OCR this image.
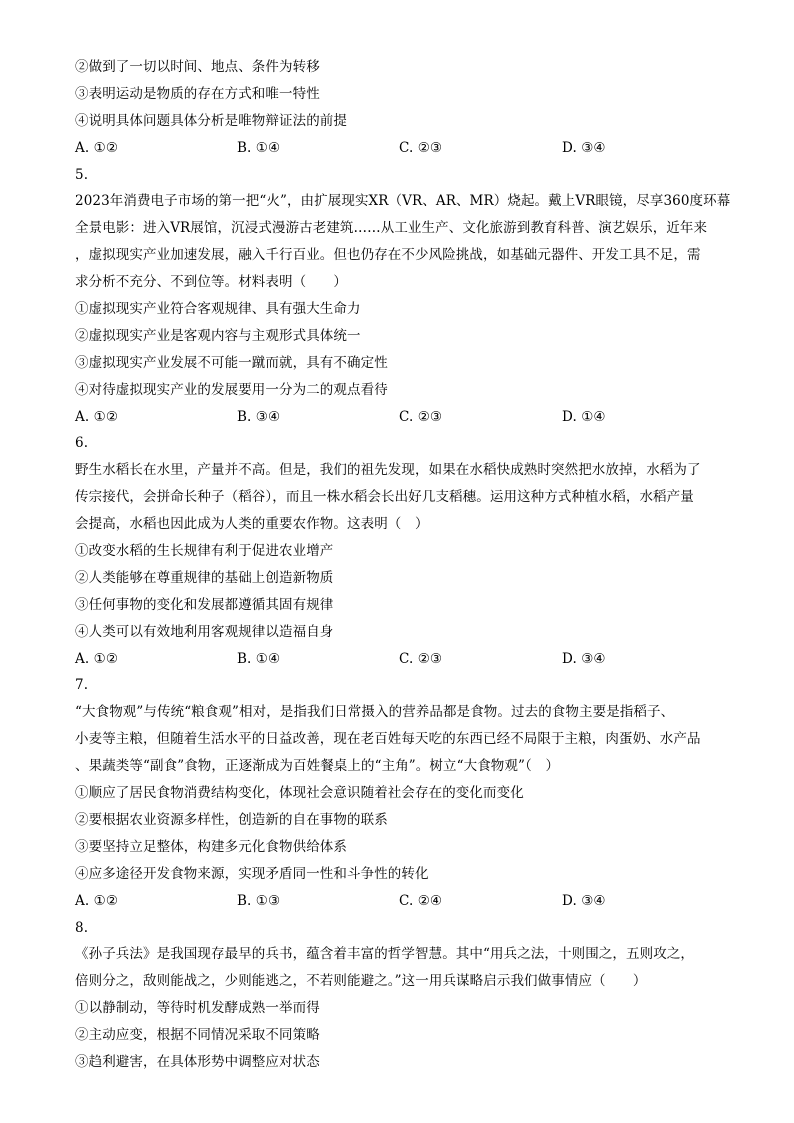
②做到了一切以时间、地点、条件为转移
③表明运动是物质的存在方式和唯一特性
④说明具体问题具体分析是唯物辩证法的前提
A. ①②	B. ①④	C. ②③	D. ③④
5.
2023年消费电子市场的第一把“火”，由扩展现实XR（VR、AR、MR）烧起。戴上VR眼镜，尽享360度环幕
全景电影：进入VR展馆，沉浸式漫游古老建筑……从工业生产、文化旅游到教育科普、演艺娱乐，近年来
，虚拟现实产业加速发展，融入千行百业。但也仍存在不少风险挑战，如基础元器件、开发工具不足，需
求分析不充分、不到位等。材料表明（　　）
①虚拟现实产业符合客观规律、具有强大生命力
②虚拟现实产业是客观内容与主观形式具体统一
③虚拟现实产业发展不可能一蹴而就，具有不确定性
④对待虚拟现实产业的发展要用一分为二的观点看待
A. ①②	B. ③④	C. ②③	D. ①④
6.
野生水稻长在水里，产量并不高。但是，我们的祖先发现，如果在水稻快成熟时突然把水放掉，水稻为了
传宗接代，会拼命长种子（稻谷），而且一株水稻会长出好几支稻穗。运用这种方式种植水稻，水稻产量
会提高，水稻也因此成为人类的重要农作物。这表明（　）
①改变水稻的生长规律有利于促进农业增产
②人类能够在尊重规律的基础上创造新物质
③任何事物的变化和发展都遵循其固有规律
④人类可以有效地利用客观规律以造福自身
A. ①②	B. ①④	C. ②③	D. ③④
7.
“大食物观”与传统“粮食观”相对，是指我们日常摄入的营养品都是食物。过去的食物主要是指稻子、
小麦等主粮，但随着生活水平的日益改善，现在老百姓每天吃的东西已经不局限于主粮，肉蛋奶、水产品
、果蔬类等“副食”食物，正逐渐成为百姓餐桌上的“主角”。树立“大食物观”（　）
①顺应了居民食物消费结构变化，体现社会意识随着社会存在的变化而变化
②要根据农业资源多样性，创造新的自在事物的联系
③要坚持立足整体，构建多元化食物供给体系
④应多途径开发食物来源，实现矛盾同一性和斗争性的转化
A. ①②	B. ①③	C. ②④	D. ③④
8.
《孙子兵法》是我国现存最早的兵书，蕴含着丰富的哲学智慧。其中“用兵之法，十则围之，五则攻之，
倍则分之，敌则能战之，少则能逃之，不若则能避之。”这一用兵谋略启示我们做事情应（　　）
①以静制动，等待时机发酵成熟一举而得
②主动应变，根据不同情况采取不同策略
③趋利避害，在具体形势中调整应对状态
